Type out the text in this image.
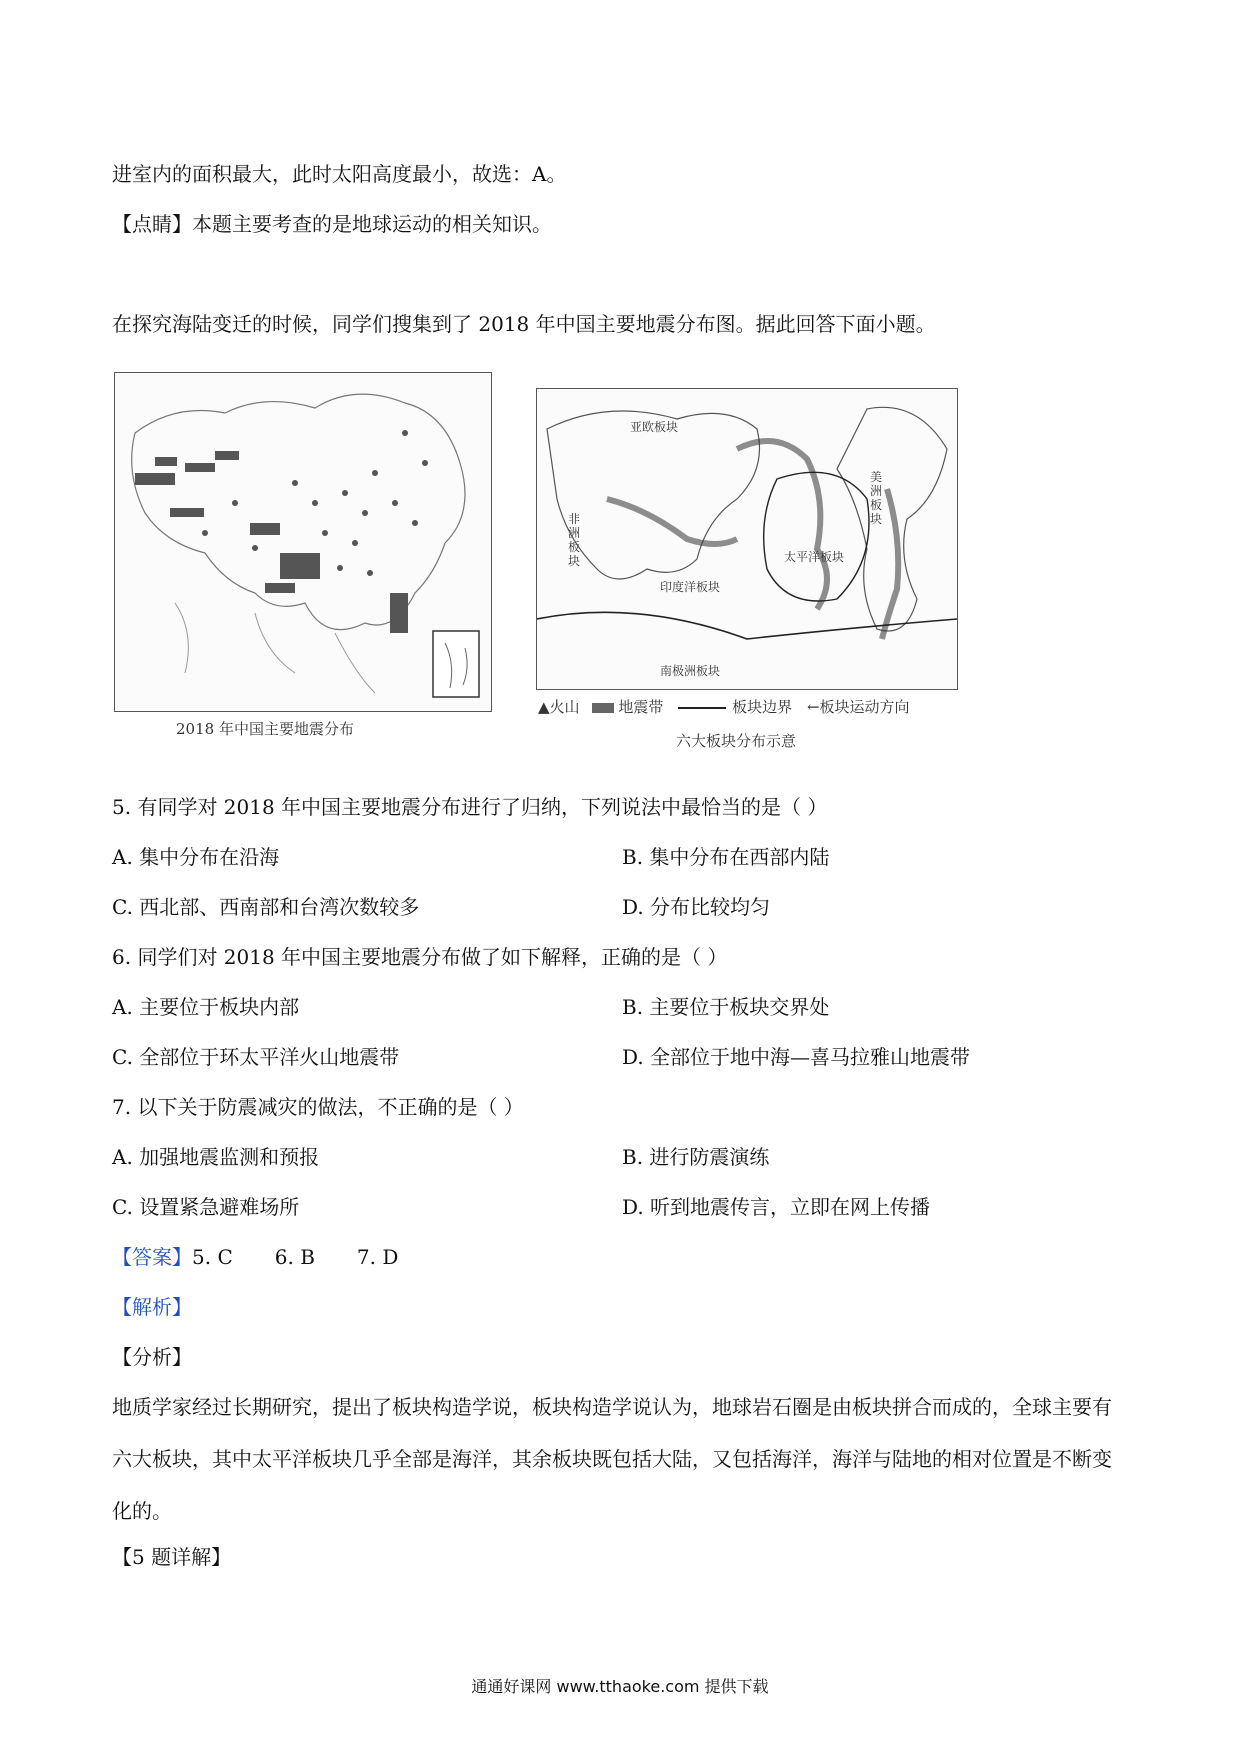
进室内的面积最大，此时太阳高度最小，故选：A。
【点睛】本题主要考查的是地球运动的相关知识。
在探究海陆变迁的时候，同学们搜集到了 2018 年中国主要地震分布图。据此回答下面小题。
2018 年中国主要地震分布
亚欧板块
非洲板块
印度洋板块
太平洋板块
美洲板块
南极洲板块
▲火山	地震带	板块边界 ←板块运动方向
六大板块分布示意
5. 有同学对 2018 年中国主要地震分布进行了归纳，下列说法中最恰当的是（ ）
A. 集中分布在沿海	B. 集中分布在西部内陆
C. 西北部、西南部和台湾次数较多	D. 分布比较均匀
6. 同学们对 2018 年中国主要地震分布做了如下解释，正确的是（ ）
A. 主要位于板块内部	B. 主要位于板块交界处
C. 全部位于环太平洋火山地震带	D. 全部位于地中海—喜马拉雅山地震带
7. 以下关于防震减灾的做法，不正确的是（ ）
A. 加强地震监测和预报	B. 进行防震演练
C. 设置紧急避难场所	D. 听到地震传言，立即在网上传播
【答案】5. C 6. B 7. D
【解析】
【分析】
地质学家经过长期研究，提出了板块构造学说，板块构造学说认为，地球岩石圈是由板块拼合而成的，全球主要有六大板块，其中太平洋板块几乎全部是海洋，其余板块既包括大陆，又包括海洋，海洋与陆地的相对位置是不断变化的。
【5 题详解】
通通好课网 www.tthaoke.com 提供下载
